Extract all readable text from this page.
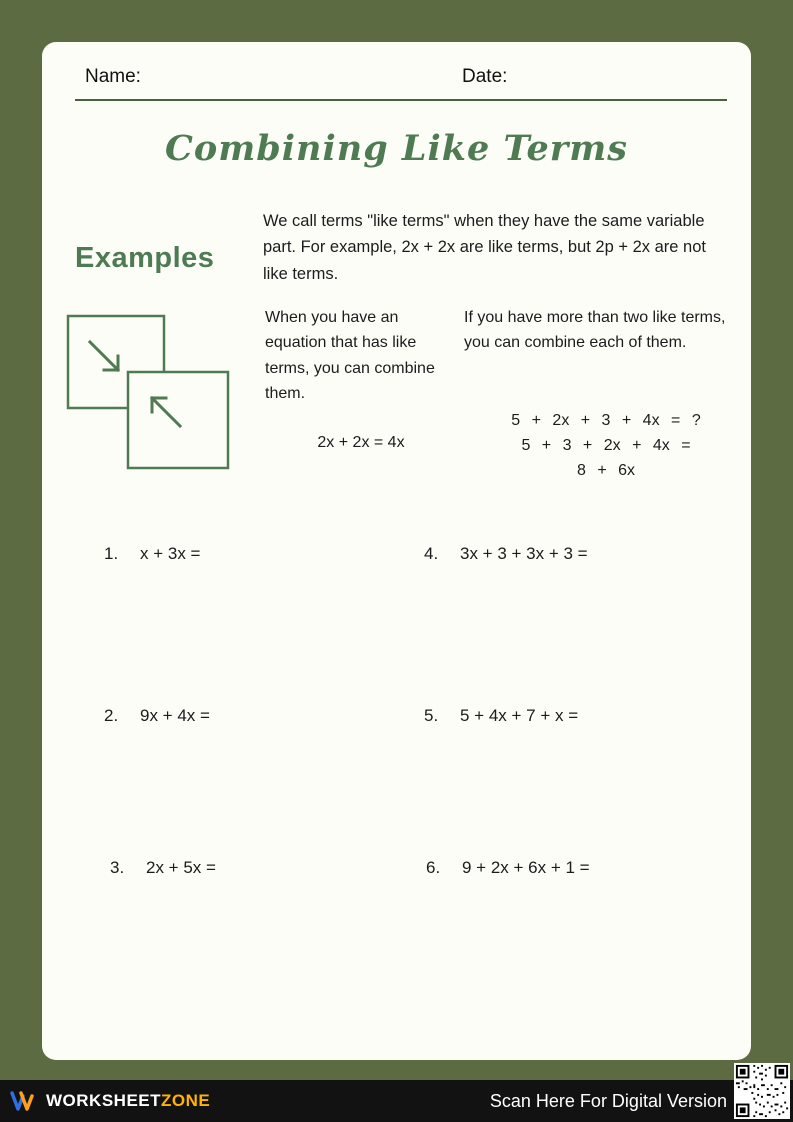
Name:	Date:
Combining Like Terms
We call terms "like terms" when they have the same variable part. For example, 2x + 2x are like terms, but 2p + 2x are not like terms.
Examples
When you have an equation that has like terms, you can combine them.
2x + 2x = 4x
If you have more than two like terms, you can combine each of them.
5 + 2x + 3 + 4x = ?
5 + 3 + 2x + 4x =
8 + 6x
1.	x + 3x =	4.	3x + 3 + 3x + 3 =
2.	9x + 4x =	5.	5 + 4x + 7 + x =
3.	2x + 5x =	6.	9 + 2x + 6x + 1 =
WORKSHEET ZONE	Scan Here For Digital Version
